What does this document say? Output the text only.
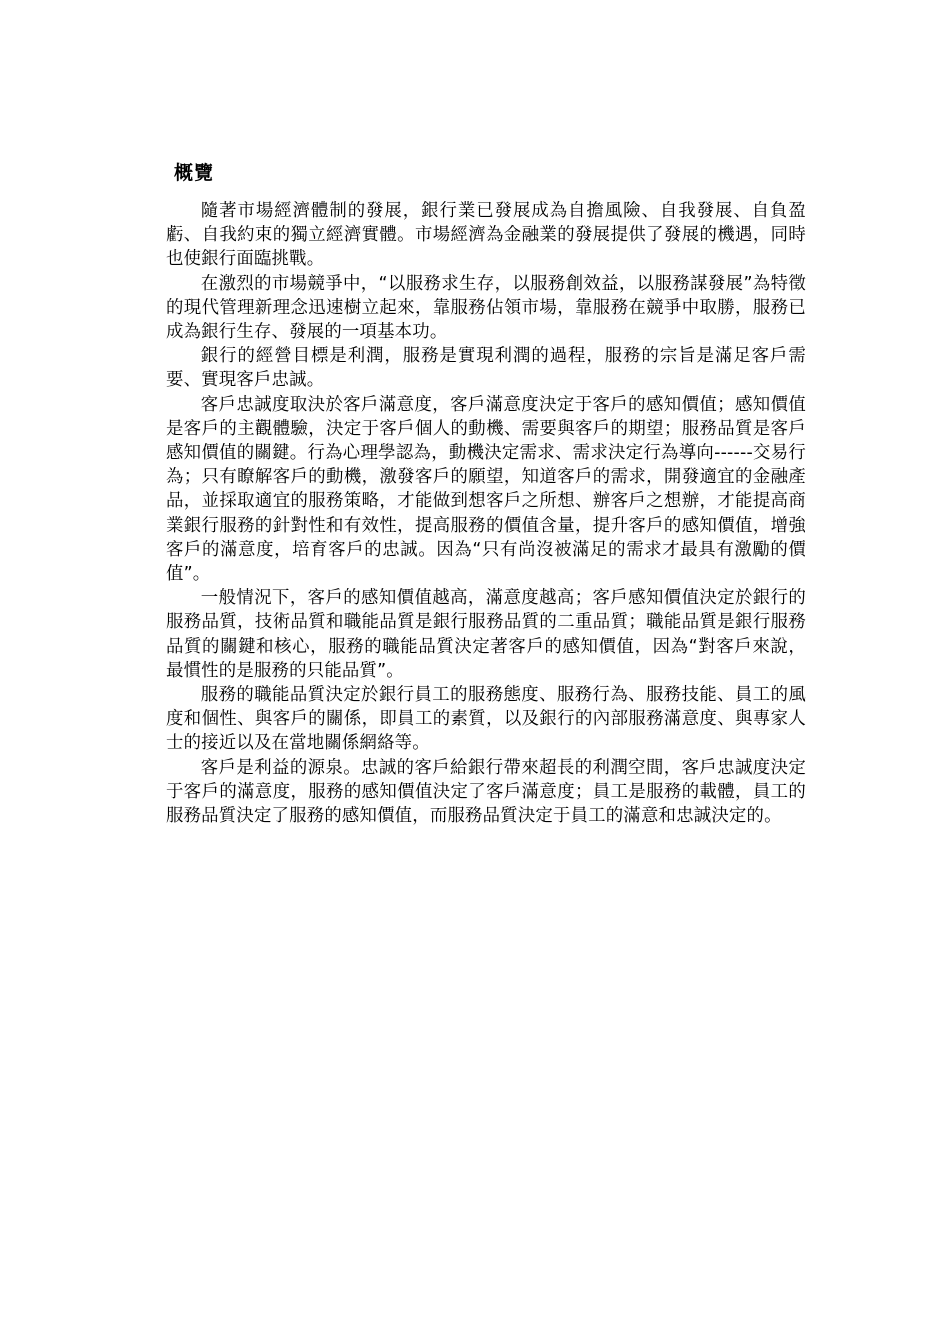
概覽

隨著市場經濟體制的發展，銀行業已發展成為自擔風險、自我發展、自負盈虧、自我約束的獨立經濟實體。市場經濟為金融業的發展提供了發展的機遇，同時也使銀行面臨挑戰。

在激烈的市場競爭中，“以服務求生存，以服務創效益，以服務謀發展”為特徵的現代管理新理念迅速樹立起來，靠服務佔領市場，靠服務在競爭中取勝，服務已成為銀行生存、發展的一項基本功。

銀行的經營目標是利潤，服務是實現利潤的過程，服務的宗旨是滿足客戶需要、實現客戶忠誠。

客戶忠誠度取決於客戶滿意度，客戶滿意度決定于客戶的感知價值；感知價值是客戶的主觀體驗，決定于客戶個人的動機、需要與客戶的期望；服務品質是客戶感知價值的關鍵。行為心理學認為，動機決定需求、需求決定行為導向------交易行為；只有瞭解客戶的動機，激發客戶的願望，知道客戶的需求，開發適宜的金融產品，並採取適宜的服務策略，才能做到想客戶之所想、辦客戶之想辦，才能提高商業銀行服務的針對性和有效性，提高服務的價值含量，提升客戶的感知價值，增強客戶的滿意度，培育客戶的忠誠。因為“只有尚沒被滿足的需求才最具有激勵的價值”。

一般情況下，客戶的感知價值越高，滿意度越高；客戶感知價值決定於銀行的服務品質，技術品質和職能品質是銀行服務品質的二重品質；職能品質是銀行服務品質的關鍵和核心，服務的職能品質決定著客戶的感知價值，因為“對客戶來說，最慣性的是服務的只能品質”。

服務的職能品質決定於銀行員工的服務態度、服務行為、服務技能、員工的風度和個性、與客戶的關係，即員工的素質，以及銀行的內部服務滿意度、與專家人士的接近以及在當地關係網絡等。

客戶是利益的源泉。忠誠的客戶給銀行帶來超長的利潤空間，客戶忠誠度決定于客戶的滿意度，服務的感知價值決定了客戶滿意度；員工是服務的載體，員工的服務品質決定了服務的感知價值，而服務品質決定于員工的滿意和忠誠決定的。
